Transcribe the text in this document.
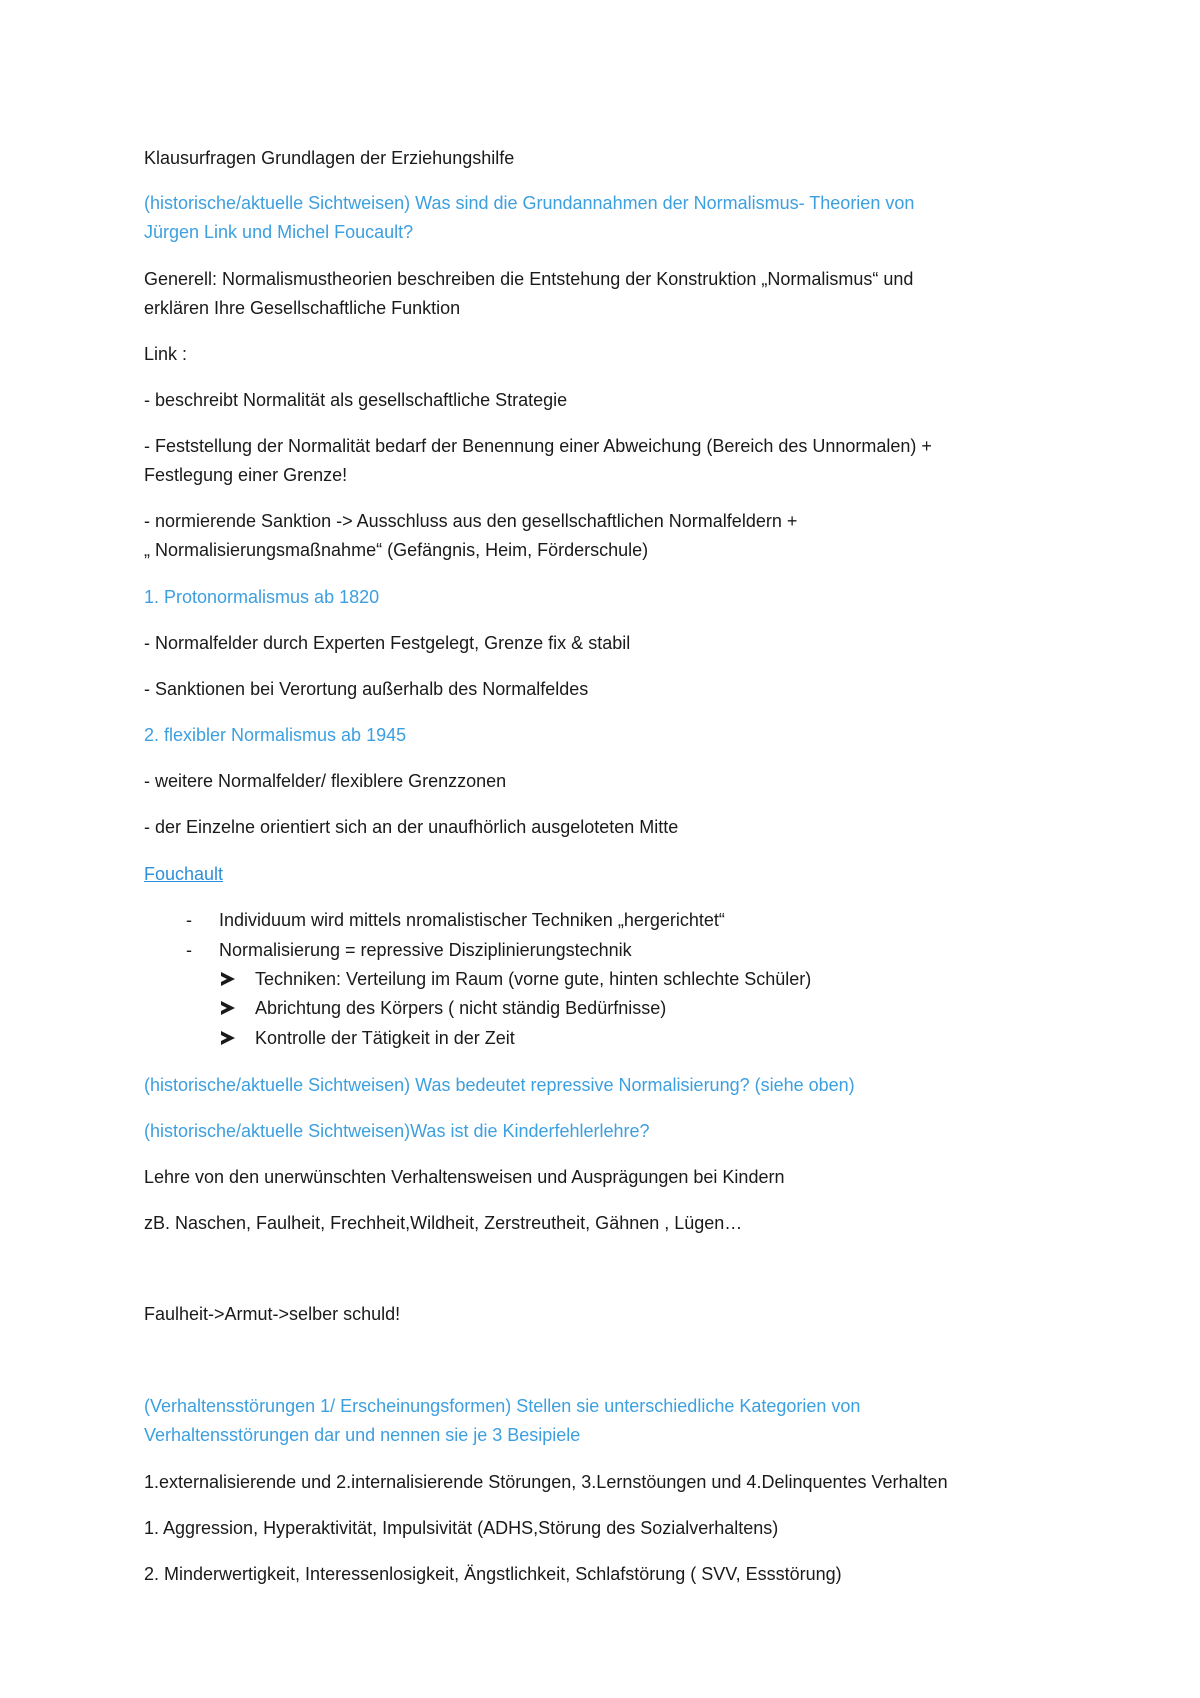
Klausurfragen Grundlagen der Erziehungshilfe
(historische/aktuelle Sichtweisen) Was sind die Grundannahmen der Normalismus- Theorien von
Jürgen Link und Michel Foucault?
Generell: Normalismustheorien beschreiben die Entstehung der Konstruktion „Normalismus“ und
erklären Ihre Gesellschaftliche Funktion
Link :
- beschreibt Normalität als gesellschaftliche Strategie
- Feststellung der Normalität bedarf der Benennung einer Abweichung (Bereich des Unnormalen) +
Festlegung einer Grenze!
- normierende Sanktion -> Ausschluss aus den gesellschaftlichen Normalfeldern +
„ Normalisierungsmaßnahme“ (Gefängnis, Heim, Förderschule)
1. Protonormalismus ab 1820
- Normalfelder durch Experten Festgelegt, Grenze fix & stabil
- Sanktionen bei Verortung außerhalb des Normalfeldes
2. flexibler Normalismus ab 1945
- weitere Normalfelder/ flexiblere Grenzzonen
- der Einzelne orientiert sich an der unaufhörlich ausgeloteten Mitte
Fouchault
- Individuum wird mittels nromalistischer Techniken „hergerichtet“
- Normalisierung = repressive Disziplinierungstechnik
Techniken: Verteilung im Raum (vorne gute, hinten schlechte Schüler)
Abrichtung des Körpers ( nicht ständig Bedürfnisse)
Kontrolle der Tätigkeit in der Zeit
(historische/aktuelle Sichtweisen) Was bedeutet repressive Normalisierung? (siehe oben)
(historische/aktuelle Sichtweisen)Was ist die Kinderfehlerlehre?
Lehre von den unerwünschten Verhaltensweisen und Ausprägungen bei Kindern
zB. Naschen, Faulheit, Frechheit,Wildheit, Zerstreutheit, Gähnen , Lügen…
Faulheit->Armut->selber schuld!
(Verhaltensstörungen 1/ Erscheinungsformen) Stellen sie unterschiedliche Kategorien von
Verhaltensstörungen dar und nennen sie je 3 Besipiele
1.externalisierende und 2.internalisierende Störungen, 3.Lernstöungen und 4.Delinquentes Verhalten
1. Aggression, Hyperaktivität, Impulsivität (ADHS,Störung des Sozialverhaltens)
2. Minderwertigkeit, Interessenlosigkeit, Ängstlichkeit, Schlafstörung ( SVV, Essstörung)
